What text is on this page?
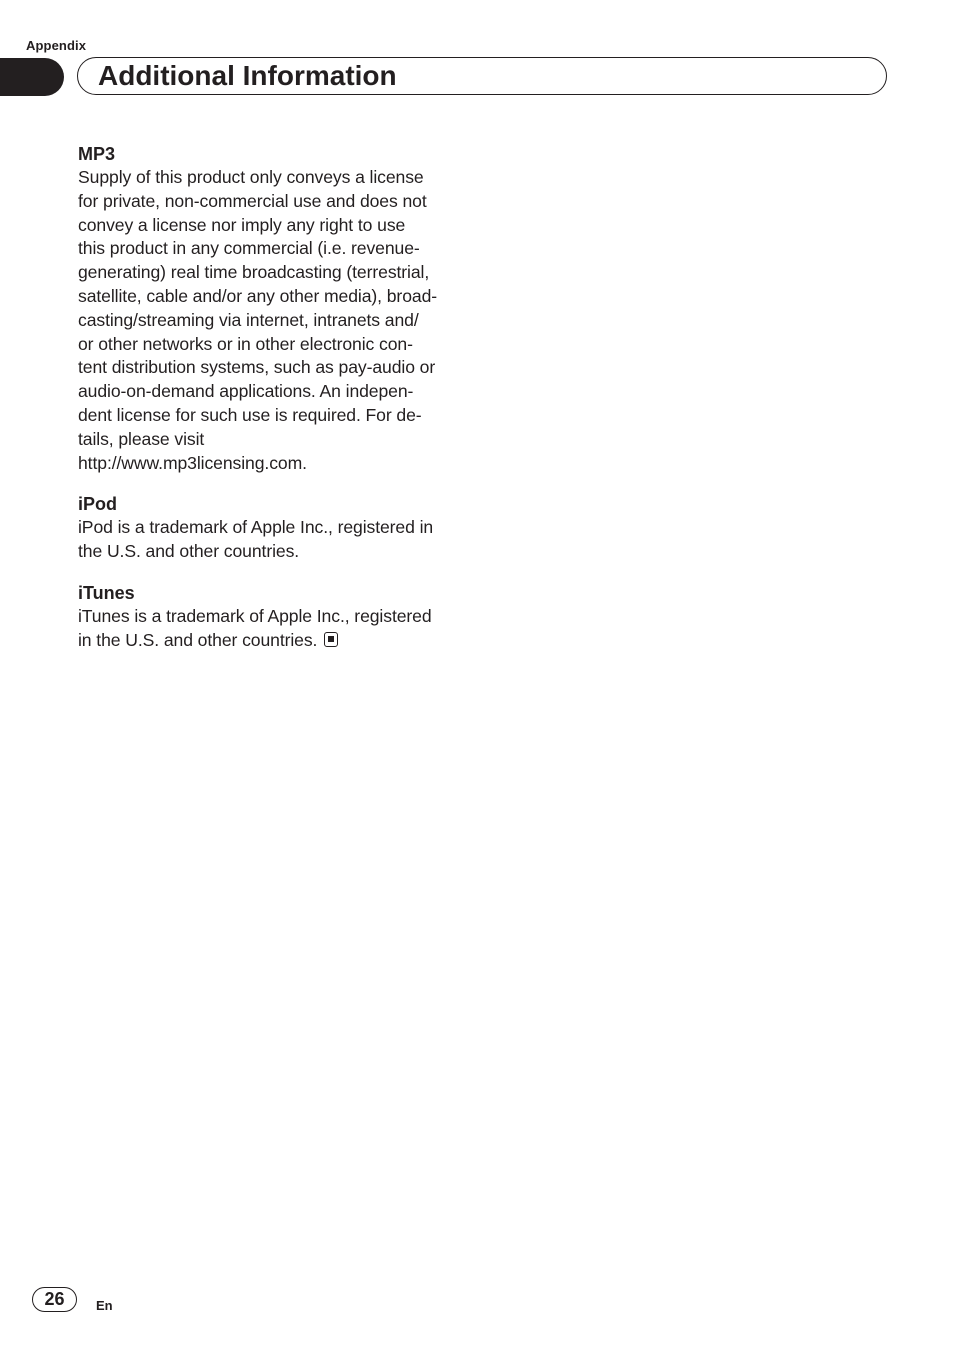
Appendix
Additional Information
MP3
Supply of this product only conveys a license
for private, non-commercial use and does not
convey a license nor imply any right to use
this product in any commercial (i.e. revenue-
generating) real time broadcasting (terrestrial,
satellite, cable and/or any other media), broad-
casting/streaming via internet, intranets and/
or other networks or in other electronic con-
tent distribution systems, such as pay-audio or
audio-on-demand applications. An indepen-
dent license for such use is required. For de-
tails, please visit
http://www.mp3licensing.com.
iPod
iPod is a trademark of Apple Inc., registered in
the U.S. and other countries.
iTunes
iTunes is a trademark of Apple Inc., registered
in the U.S. and other countries.
26	En
